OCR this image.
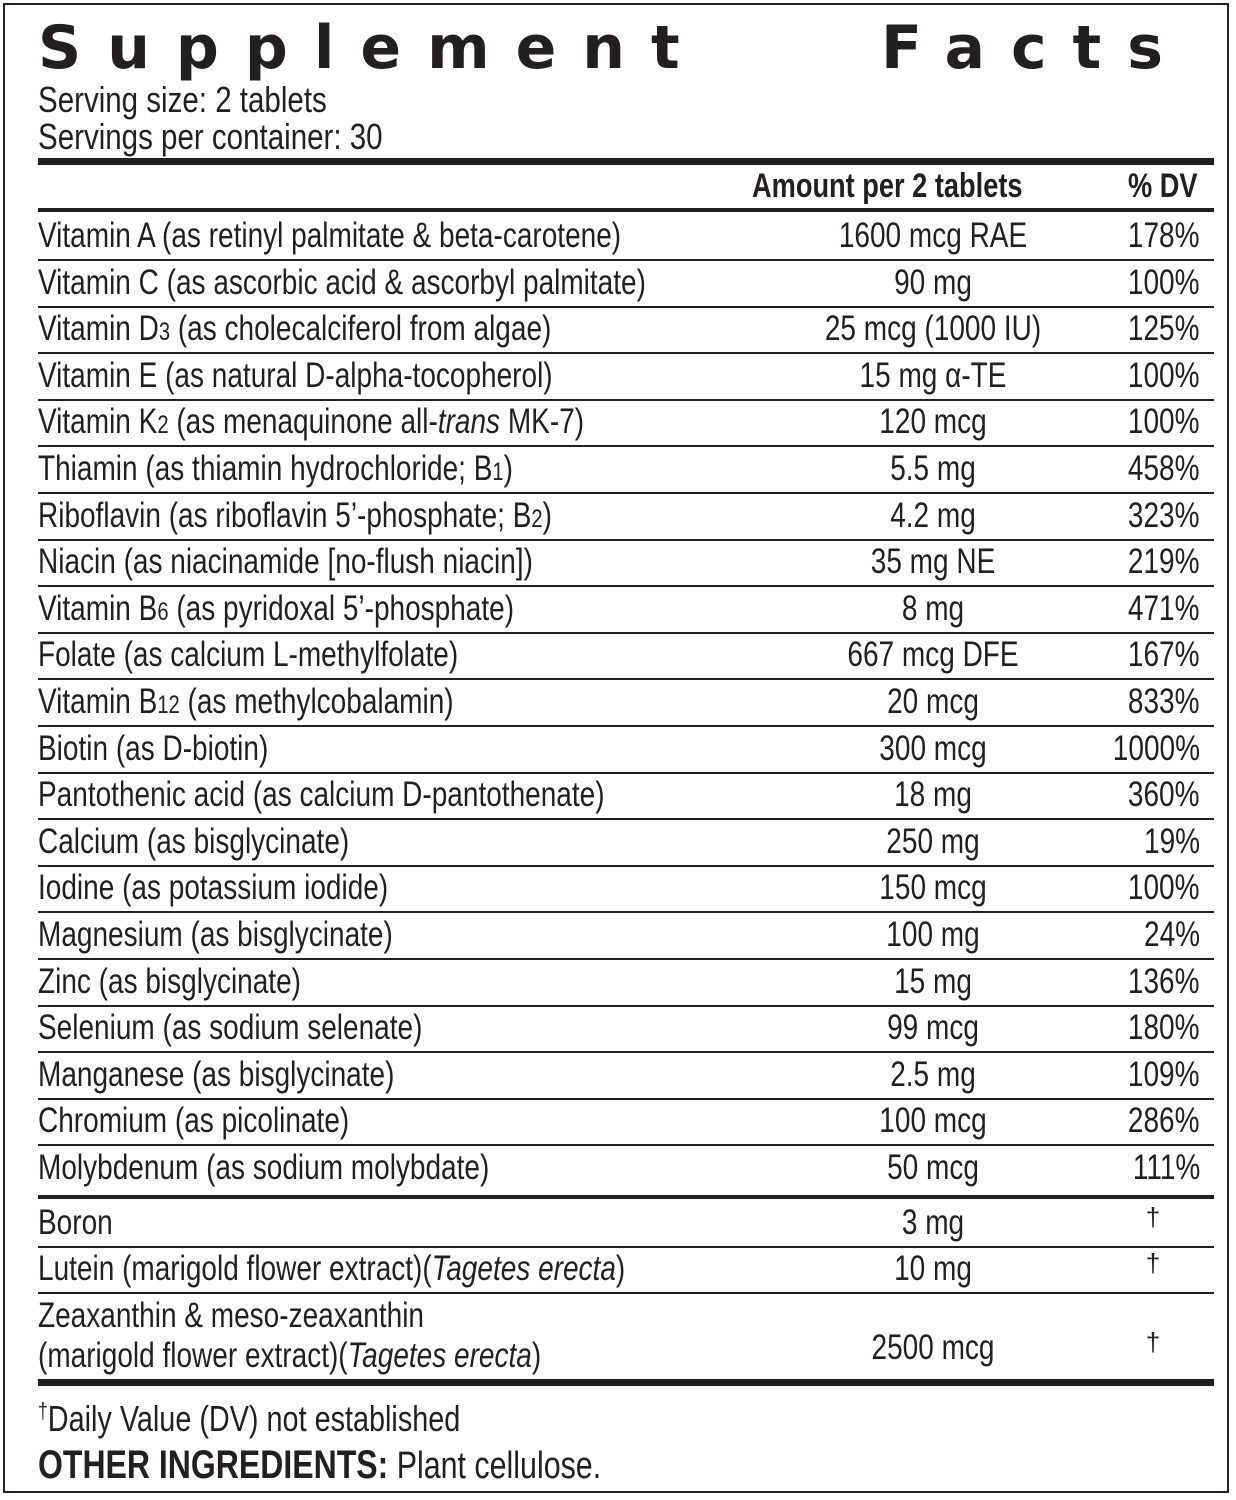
Supplement	Facts
Serving size: 2 tablets
Servings per container: 30
Amount per 2 tablets	% DV
Vitamin A (as retinyl palmitate & beta-carotene)	1600 mcg RAE	178%
Vitamin C (as ascorbic acid & ascorbyl palmitate)	90 mg	100%
Vitamin D3 (as cholecalciferol from algae)	25 mcg (1000 IU)	125%
Vitamin E (as natural D-alpha-tocopherol)	15 mg α-TE	100%
Vitamin K2 (as menaquinone all-trans MK-7)	120 mcg	100%
Thiamin (as thiamin hydrochloride; B1)	5.5 mg	458%
Riboflavin (as riboflavin 5’-phosphate; B2)	4.2 mg	323%
Niacin (as niacinamide [no-flush niacin])	35 mg NE	219%
Vitamin B6 (as pyridoxal 5’-phosphate)	8 mg	471%
Folate (as calcium L-methylfolate)	667 mcg DFE	167%
Vitamin B12 (as methylcobalamin)	20 mcg	833%
Biotin (as D-biotin)	300 mcg	1000%
Pantothenic acid (as calcium D-pantothenate)	18 mg	360%
Calcium (as bisglycinate)	250 mg	19%
Iodine (as potassium iodide)	150 mcg	100%
Magnesium (as bisglycinate)	100 mg	24%
Zinc (as bisglycinate)	15 mg	136%
Selenium (as sodium selenate)	99 mcg	180%
Manganese (as bisglycinate)	2.5 mg	109%
Chromium (as picolinate)	100 mcg	286%
Molybdenum (as sodium molybdate)	50 mcg	111%
Boron	3 mg	†
Lutein (marigold flower extract)(Tagetes erecta)	10 mg	†
Zeaxanthin & meso-zeaxanthin
(marigold flower extract)(Tagetes erecta)	2500 mcg	†
†Daily Value (DV) not established
OTHER INGREDIENTS: Plant cellulose.
